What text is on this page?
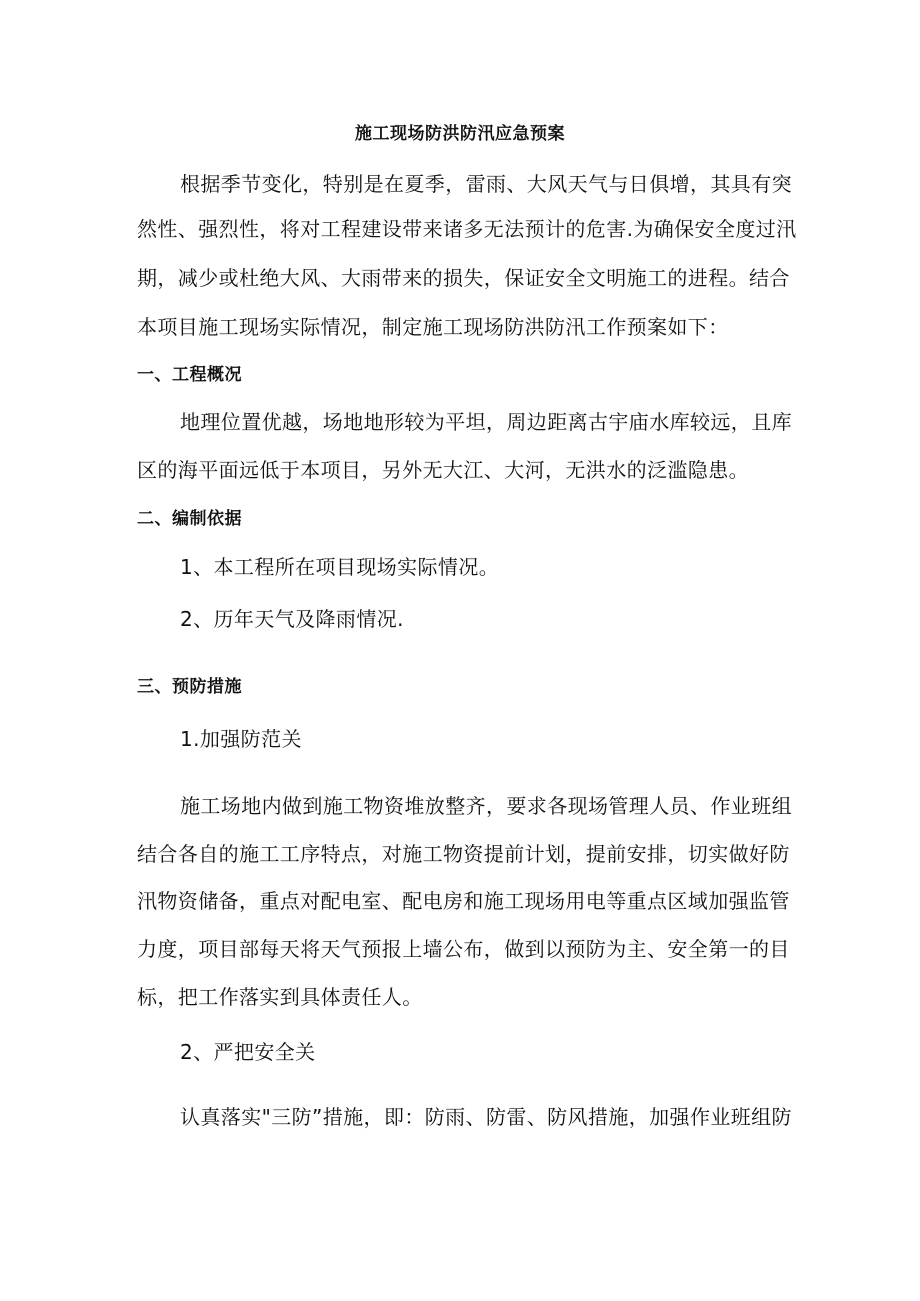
施工现场防洪防汛应急预案
根据季节变化，特别是在夏季，雷雨、大风天气与日俱增，其具有突
然性、强烈性，将对工程建设带来诸多无法预计的危害.为确保安全度过汛
期，减少或杜绝大风、大雨带来的损失，保证安全文明施工的进程。结合
本项目施工现场实际情况，制定施工现场防洪防汛工作预案如下：
一、工程概况
地理位置优越，场地地形较为平坦，周边距离古宇庙水库较远，且库
区的海平面远低于本项目，另外无大江、大河，无洪水的泛滥隐患。
二、编制依据
1、本工程所在项目现场实际情况。
2、历年天气及降雨情况.
三、预防措施
1.加强防范关
施工场地内做到施工物资堆放整齐，要求各现场管理人员、作业班组
结合各自的施工工序特点，对施工物资提前计划，提前安排，切实做好防
汛物资储备，重点对配电室、配电房和施工现场用电等重点区域加强监管
力度，项目部每天将天气预报上墙公布，做到以预防为主、安全第一的目
标，把工作落实到具体责任人。
2、严把安全关
认真落实"三防”措施，即：防雨、防雷、防风措施，加强作业班组防
